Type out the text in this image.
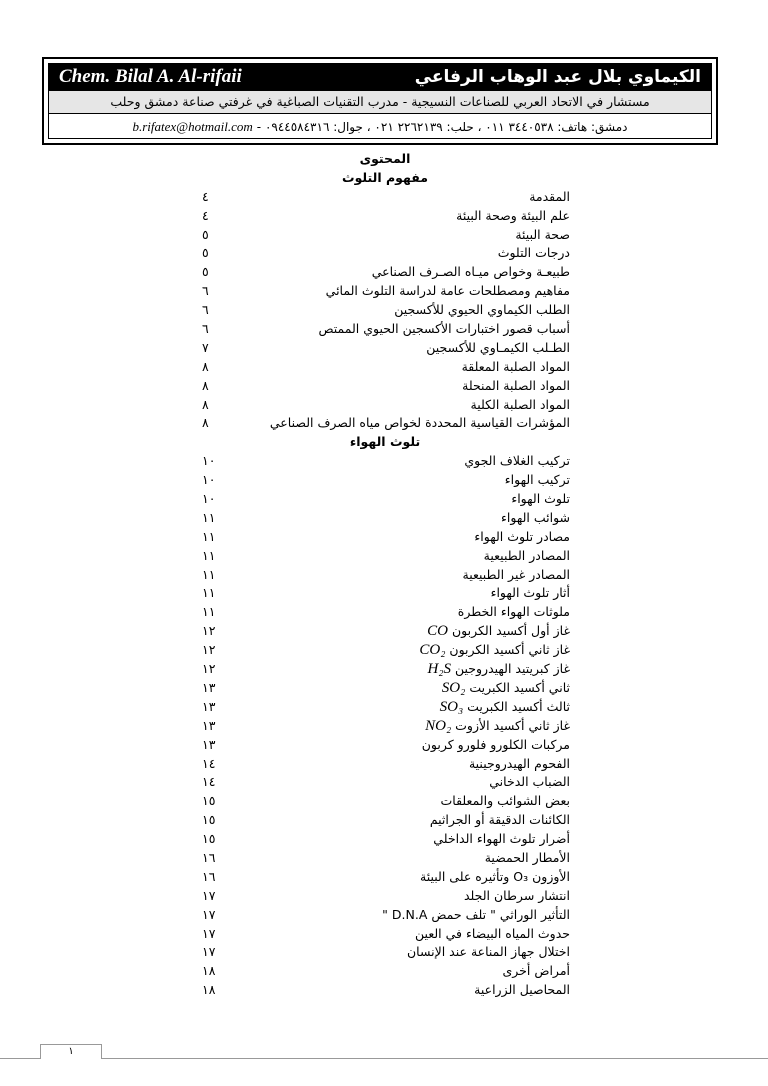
Chem. Bilal A. Al-rifaii	الكيماوي بلال عبد الوهاب الرفاعي
مستشار في الاتحاد العربي للصناعات النسيجية - مدرب التقنيات الصباغية في غرفتي صناعة دمشق وحلب
دمشق: هاتف: ٣٤٤٠٥٣٨ ٠١١ ، حلب: ٢٢٦٢١٣٩ ٠٢١ ، جوال: ٠٩٤٤٥٨٤٣١٦ -
b.rifatex@hotmail.com
المحتوى
مفهوم التلوث
٤	المقدمة
٤	علم البيئة وصحة البيئة
٥	صحة البيئة
٥	درجات التلوث
٥	طبيعـة وخواص ميـاه الصـرف الصناعي
٦	مفاهيم ومصطلحات عامة لدراسة التلوث المائي
٦	الطلب الكيماوي الحيوي للأكسجين
٦	أسباب قصور اختبارات الأكسجين الحيوي الممتص
٧	الطـلب الكيمـاوي للأكسجين
٨	المواد الصلبة المعلقة
٨	المواد الصلبة المنحلة
٨	المواد الصلبة الكلية
٨	المؤشرات القياسية المحددة لخواص مياه الصرف الصناعي
تلوث الهواء
١٠	تركيب الغلاف الجوي
١٠	تركيب الهواء
١٠	تلوث الهواء
١١	شوائب الهواء
١١	مصادر تلوث الهواء
١١	المصادر الطبيعية
١١	المصادر غير الطبيعية
١١	أثار تلوث الهواء
١١	ملوثات الهواء الخطرة
١٢	غاز أول أكسيد الكربون CO
١٢	غاز ثاني أكسيد الكربون CO₂
١٢	غاز كبريتيد الهيدروجين H₂S
١٣	ثاني أكسيد الكبريت SO₂
١٣	ثالث أكسيد الكبريت SO₃
١٣	غاز ثاني أكسيد الأزوت NO₂
١٣	مركبات الكلورو فلورو كربون
١٤	الفحوم الهيدروجينية
١٤	الضباب الدخاني
١٥	بعض الشوائب والمعلقات
١٥	الكائنات الدقيقة أو الجراثيم
١٥	أضرار تلوث الهواء الداخلي
١٦	الأمطار الحمضية
١٦	الأوزون O₃ وتأثيره على البيئة
١٧	انتشار سرطان الجلد
١٧	التأثير الوراثي " تلف حمض D.N.A "
١٧	حدوث المياه البيضاء في العين
١٧	اختلال جهاز المناعة عند الإنسان
١٨	أمراض أخرى
١٨	المحاصيل الزراعية
١
